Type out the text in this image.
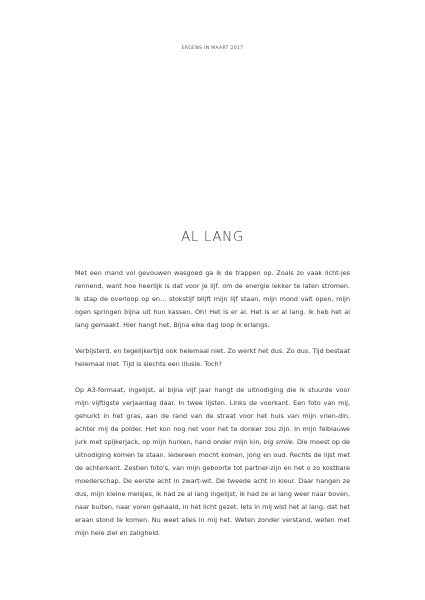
ERGENS IN MAART 2017
AL LANG

Met een mand vol gevouwen wasgoed ga ik de trappen op. Zoals zo vaak licht-jes rennend, want hoe heerlijk is dat voor je lijf, om de energie lekker te laten stromen. Ik stap de overloop op en… stokstijf blijft mijn lijf staan, mijn mond valt open, mijn ogen springen bijna uit hun kassen. Oh! Het is er al. Het is er al lang. Ik heb het al lang gemaakt. Hier hangt het. Bijna elke dag loop ik erlangs.

Verbijsterd, en tegelijkertijd ook helemaal niet. Zo werkt het dus. Zo dus. Tijd bestaat helemaal niet. Tijd is slechts een illusie. Toch?

Op A3-formaat, ingelijst, al bijna vijf jaar hangt de uitnodiging die ik stuurde voor mijn vijftigste verjaardag daar. In twee lijsten. Links de voorkant. Een foto van mij, gehurkt in het gras, aan de rand van de straat voor het huis van mijn vrien-din, achter mij de polder. Het kon nog net voor het te donker zou zijn. In mijn felblauwe jurk met spijkerjack, op mijn hurken, hand onder mijn kin, big smile. Die moest op de uitnodiging komen te staan. Iedereen mocht komen, jong en oud. Rechts de lijst met de achterkant. Zestien foto's, van mijn geboorte tot partner-zijn en het o zo kostbare moederschap. De eerste acht in zwart-wit. De tweede acht in kleur. Daar hangen ze dus, mijn kleine meisjes, ik had ze al lang ingelijst, ik had ze al lang weer naar boven, naar buiten, naar voren gehaald, in het licht gezet. Iets in mij wist het al lang, dat het eraan stond te komen. Nu weet alles in mij het. Weten zonder verstand, weten met mijn hele ziel en zaligheid.
